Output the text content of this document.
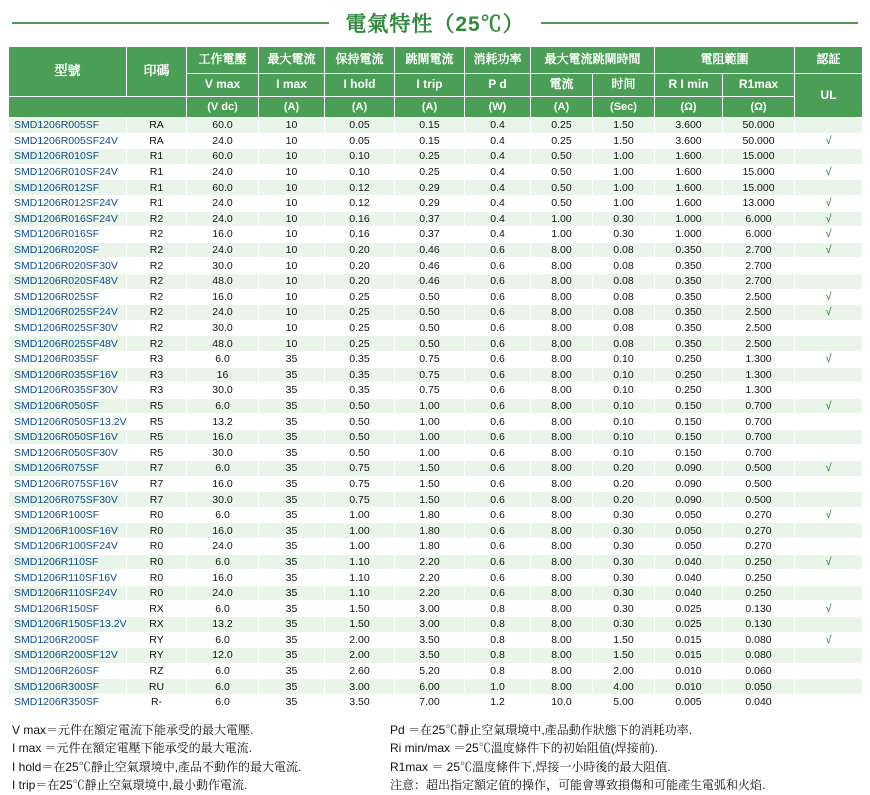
電氣特性（25℃）
型號	印碼	工作電壓	最大電流	保持電流	跳閘電流	消耗功率	最大電流跳閘時間		電阻範圍		認証
		V max	I max	I hold	I trip	P d	電流	时间	R I min	R1max	UL
		(V dc)	(A)	(A)	(A)	(W)	(A)	(Sec)	(Ω)	(Ω)	
SMD1206R005SF	RA	60.0	10	0.05	0.15	0.4	0.25	1.50	3.600	50.000	
SMD1206R005SF24V	RA	24.0	10	0.05	0.15	0.4	0.25	1.50	3.600	50.000	√
SMD1206R010SF	R1	60.0	10	0.10	0.25	0.4	0.50	1.00	1.600	15.000	
SMD1206R010SF24V	R1	24.0	10	0.10	0.25	0.4	0.50	1.00	1.600	15.000	√
SMD1206R012SF	R1	60.0	10	0.12	0.29	0.4	0.50	1.00	1.600	15.000	
SMD1206R012SF24V	R1	24.0	10	0.12	0.29	0.4	0.50	1.00	1.600	13.000	√
SMD1206R016SF24V	R2	24.0	10	0.16	0.37	0.4	1.00	0.30	1.000	6.000	√
SMD1206R016SF	R2	16.0	10	0.16	0.37	0.4	1.00	0.30	1.000	6.000	√
SMD1206R020SF	R2	24.0	10	0.20	0.46	0.6	8.00	0.08	0.350	2.700	√
SMD1206R020SF30V	R2	30.0	10	0.20	0.46	0.6	8.00	0.08	0.350	2.700	
SMD1206R020SF48V	R2	48.0	10	0.20	0.46	0.6	8.00	0.08	0.350	2.700	
SMD1206R025SF	R2	16.0	10	0.25	0.50	0.6	8.00	0.08	0.350	2.500	√
SMD1206R025SF24V	R2	24.0	10	0.25	0.50	0.6	8.00	0.08	0.350	2.500	√
SMD1206R025SF30V	R2	30.0	10	0.25	0.50	0.6	8.00	0.08	0.350	2.500	
SMD1206R025SF48V	R2	48.0	10	0.25	0.50	0.6	8.00	0.08	0.350	2.500	
SMD1206R035SF	R3	6.0	35	0.35	0.75	0.6	8.00	0.10	0.250	1.300	√
SMD1206R035SF16V	R3	16	35	0.35	0.75	0.6	8.00	0.10	0.250	1.300	
SMD1206R035SF30V	R3	30.0	35	0.35	0.75	0.6	8.00	0.10	0.250	1.300	
SMD1206R050SF	R5	6.0	35	0.50	1.00	0.6	8.00	0.10	0.150	0.700	√
SMD1206R050SF13.2V	R5	13.2	35	0.50	1.00	0.6	8.00	0.10	0.150	0.700	
SMD1206R050SF16V	R5	16.0	35	0.50	1.00	0.6	8.00	0.10	0.150	0.700	
SMD1206R050SF30V	R5	30.0	35	0.50	1.00	0.6	8.00	0.10	0.150	0.700	
SMD1206R075SF	R7	6.0	35	0.75	1.50	0.6	8.00	0.20	0.090	0.500	√
SMD1206R075SF16V	R7	16.0	35	0.75	1.50	0.6	8.00	0.20	0.090	0.500	
SMD1206R075SF30V	R7	30.0	35	0.75	1.50	0.6	8.00	0.20	0.090	0.500	
SMD1206R100SF	R0	6.0	35	1.00	1.80	0.6	8.00	0.30	0.050	0.270	√
SMD1206R100SF16V	R0	16.0	35	1.00	1.80	0.6	8.00	0.30	0.050	0.270	
SMD1206R100SF24V	R0	24.0	35	1.00	1.80	0.6	8.00	0.30	0.050	0.270	
SMD1206R110SF	R0	6.0	35	1.10	2.20	0.6	8.00	0.30	0.040	0.250	√
SMD1206R110SF16V	R0	16.0	35	1.10	2.20	0.6	8.00	0.30	0.040	0.250	
SMD1206R110SF24V	R0	24.0	35	1.10	2.20	0.6	8.00	0.30	0.040	0.250	
SMD1206R150SF	RX	6.0	35	1.50	3.00	0.8	8.00	0.30	0.025	0.130	√
SMD1206R150SF13.2V	RX	13.2	35	1.50	3.00	0.8	8.00	0.30	0.025	0.130	
SMD1206R200SF	RY	6.0	35	2.00	3.50	0.8	8.00	1.50	0.015	0.080	√
SMD1206R200SF12V	RY	12.0	35	2.00	3.50	0.8	8.00	1.50	0.015	0.080	
SMD1206R260SF	RZ	6.0	35	2.60	5.20	0.8	8.00	2.00	0.010	0.060	
SMD1206R300SF	RU	6.0	35	3.00	6.00	1.0	8.00	4.00	0.010	0.050	
SMD1206R350SF	R-	6.0	35	3.50	7.00	1.2	10.0	5.00	0.005	0.040	

V max＝元件在額定電流下能承受的最大電壓.

I max ＝元件在額定電壓下能承受的最大電流.

I hold＝在25℃靜止空氣環境中,產品不動作的最大電流.

I trip＝在25℃靜止空氣環境中,最小動作電流.

Pd ＝在25℃靜止空氣環境中,產品動作狀態下的消耗功率.

Ri min/max ＝25℃溫度條件下的初始阻值(焊接前).

R1max ＝ 25℃溫度條件下,焊接一小時後的最大阻值.

注意：超出指定額定值的操作，可能會導致損傷和可能產生電弧和火焰.
